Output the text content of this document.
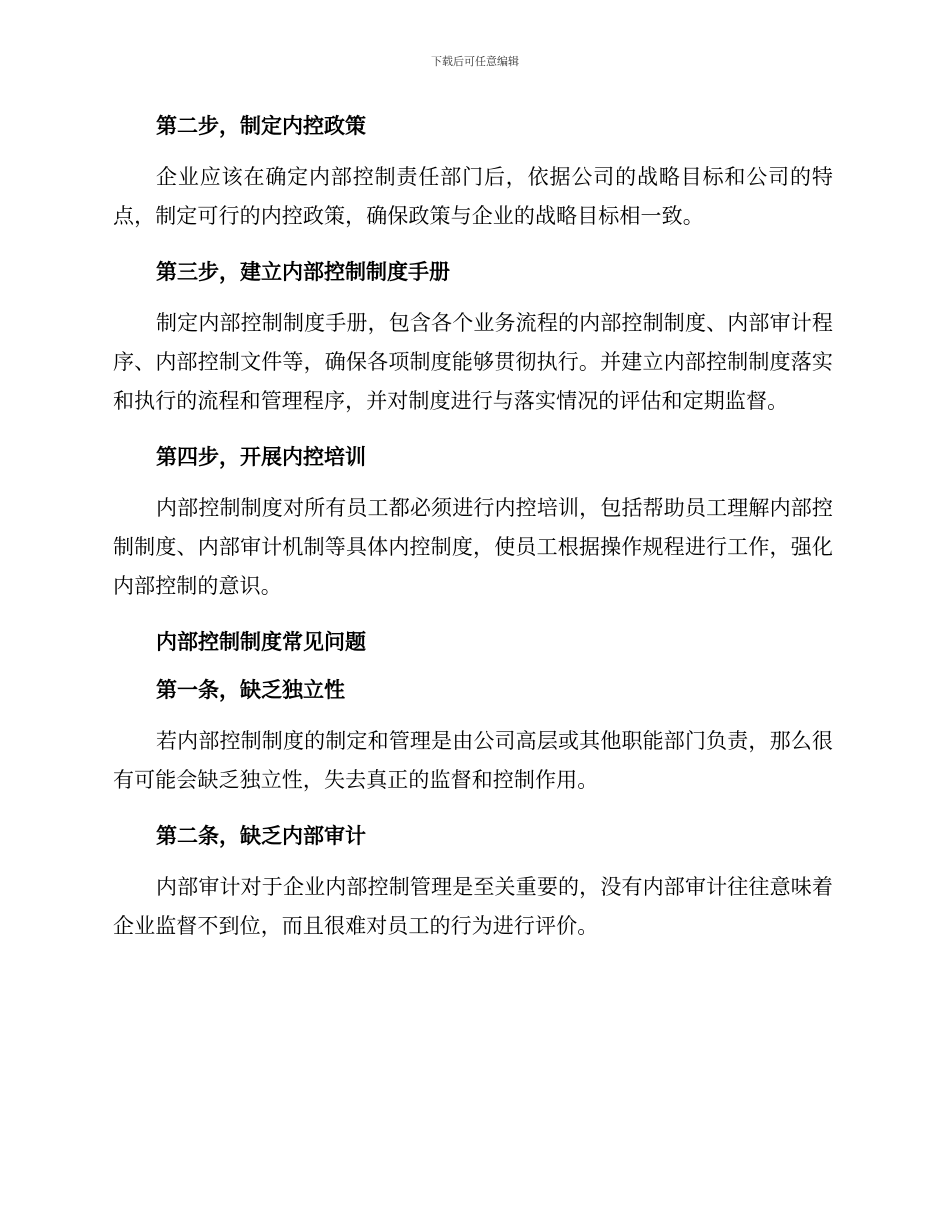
下载后可任意编辑
第二步，制定内控政策

企业应该在确定内部控制责任部门后，依据公司的战略目标和公司的特点，制定可行的内控政策，确保政策与企业的战略目标相一致。

第三步，建立内部控制制度手册

制定内部控制制度手册，包含各个业务流程的内部控制制度、内部审计程序、内部控制文件等，确保各项制度能够贯彻执行。并建立内部控制制度落实和执行的流程和管理程序，并对制度进行与落实情况的评估和定期监督。

第四步，开展内控培训

内部控制制度对所有员工都必须进行内控培训，包括帮助员工理解内部控制制度、内部审计机制等具体内控制度，使员工根据操作规程进行工作，强化内部控制的意识。

内部控制制度常见问题
第一条，缺乏独立性

若内部控制制度的制定和管理是由公司高层或其他职能部门负责，那么很有可能会缺乏独立性，失去真正的监督和控制作用。

第二条，缺乏内部审计

内部审计对于企业内部控制管理是至关重要的，没有内部审计往往意味着企业监督不到位，而且很难对员工的行为进行评价。
